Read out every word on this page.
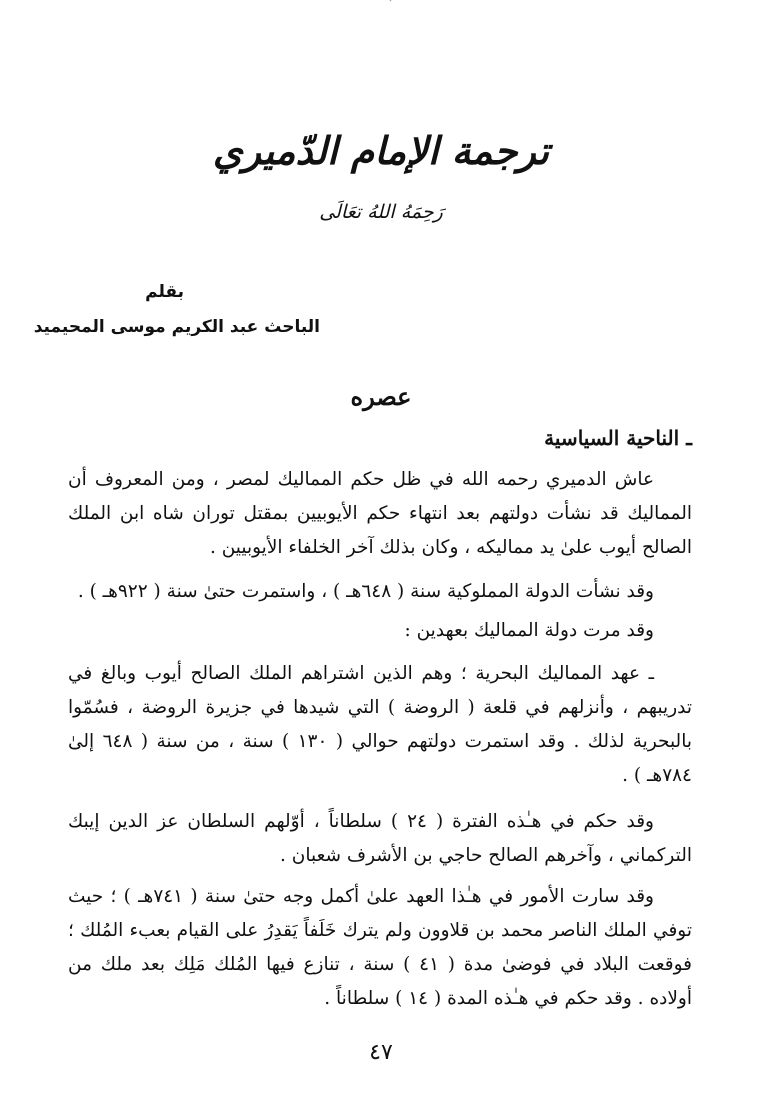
ترجمة الإمام الدّميري
رَحِمَهُ اللهُ تعَالَى
بقلم
الباحث عبد الكريم موسى المحيميد
عصره
ـ الناحية السياسية
عاش الدميري رحمه الله في ظل حكم المماليك لمصر ، ومن المعروف أن
المماليك قد نشأت دولتهم بعد انتهاء حكم الأيوبيين بمقتل توران شاه ابن الملك
الصالح أيوب علىٰ يد مماليكه ، وكان بذلك آخر الخلفاء الأيوبيين .
وقد نشأت الدولة المملوكية سنة ( ٦٤٨هـ ) ، واستمرت حتىٰ سنة ( ٩٢٢هـ ) .
وقد مرت دولة المماليك بعهدين :
ـ عهد المماليك البحرية ؛ وهم الذين اشتراهم الملك الصالح أيوب وبالغ في
تدريبهم ، وأنزلهم في قلعة ( الروضة ) التي شيدها في جزيرة الروضة ، فسُمّوا
بالبحرية لذلك . وقد استمرت دولتهم حوالي ( ١٣٠ ) سنة ، من سنة ( ٦٤٨ إلىٰ
٧٨٤هـ ) .
وقد حكم في هـٰذه الفترة ( ٢٤ ) سلطاناً ، أوّلهم السلطان عز الدين إيبك
التركماني ، وآخرهم الصالح حاجي بن الأشرف شعبان .
وقد سارت الأمور في هـٰذا العهد علىٰ أكمل وجه حتىٰ سنة ( ٧٤١هـ ) ؛ حيث
توفي الملك الناصر محمد بن قلاوون ولم يترك خَلَفاً يَقدِرُ على القيام بعبء المُلك ؛
فوقعت البلاد في فوضىٰ مدة ( ٤١ ) سنة ، تنازع فيها المُلك مَلِك بعد ملك من
أولاده . وقد حكم في هـٰذه المدة ( ١٤ ) سلطاناً .
٤٧
